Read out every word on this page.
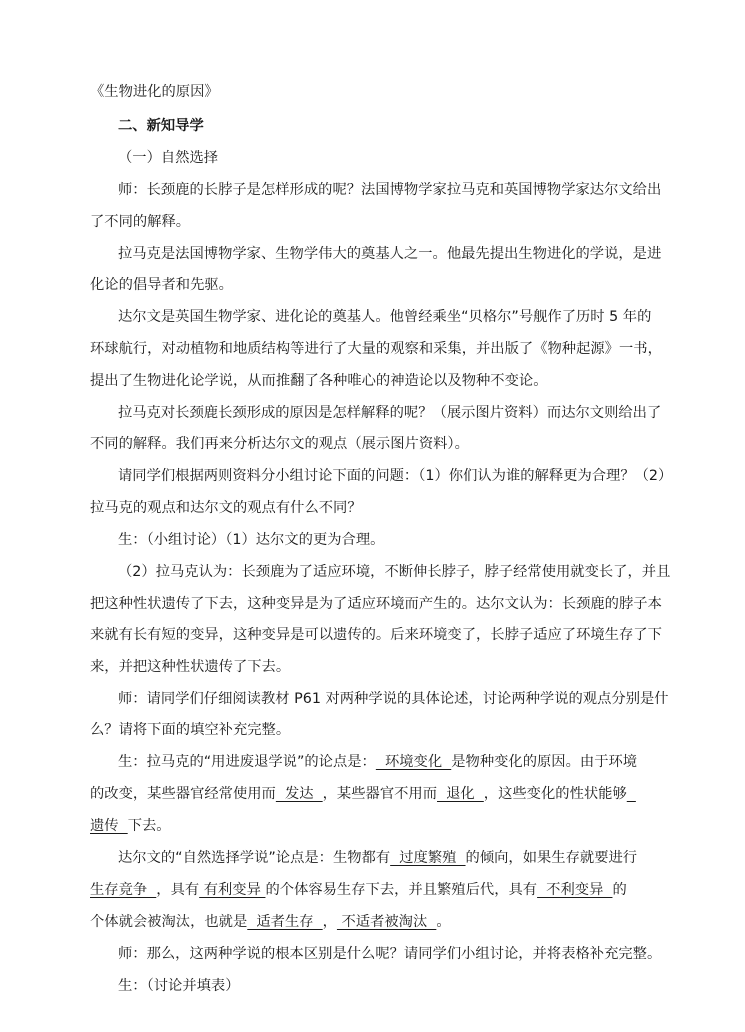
《生物进化的原因》
二、新知导学
（一）自然选择
师：长颈鹿的长脖子是怎样形成的呢？法国博物学家拉马克和英国博物学家达尔文给出
了不同的解释。
拉马克是法国博物学家、生物学伟大的奠基人之一。他最先提出生物进化的学说，是进
化论的倡导者和先驱。
达尔文是英国生物学家、进化论的奠基人。他曾经乘坐“贝格尔”号舰作了历时 5 年的
环球航行，对动植物和地质结构等进行了大量的观察和采集，并出版了《物种起源》一书，
提出了生物进化论学说，从而推翻了各种唯心的神造论以及物种不变论。
拉马克对长颈鹿长颈形成的原因是怎样解释的呢？（展示图片资料）而达尔文则给出了
不同的解释。我们再来分析达尔文的观点（展示图片资料）。
请同学们根据两则资料分小组讨论下面的问题：（1）你们认为谁的解释更为合理？（2）
拉马克的观点和达尔文的观点有什么不同？
生：（小组讨论）（1）达尔文的更为合理。
（2）拉马克认为：长颈鹿为了适应环境，不断伸长脖子，脖子经常使用就变长了，并且
把这种性状遗传了下去，这种变异是为了适应环境而产生的。达尔文认为：长颈鹿的脖子本
来就有长有短的变异，这种变异是可以遗传的。后来环境变了，长脖子适应了环境生存了下
来，并把这种性状遗传了下去。
师：请同学们仔细阅读教材 P61 对两种学说的具体论述，讨论两种学说的观点分别是什
么？请将下面的填空补充完整。
生：拉马克的“用进废退学说”的论点是：  环境变化  是物种变化的原因。由于环境
的改变，某些器官经常使用而  发达  ，某些器官不用而  退化  ，这些变化的性状能够
遗传  下去。
达尔文的“自然选择学说”论点是：生物都有  过度繁殖  的倾向，如果生存就要进行
生存竞争  ，具有 有利变异 的个体容易生存下去，并且繁殖后代，具有  不利变异  的
个体就会被淘汰，也就是  适者生存  ， 不适者被淘汰  。
师：那么，这两种学说的根本区别是什么呢？请同学们小组讨论，并将表格补充完整。
生：（讨论并填表）
